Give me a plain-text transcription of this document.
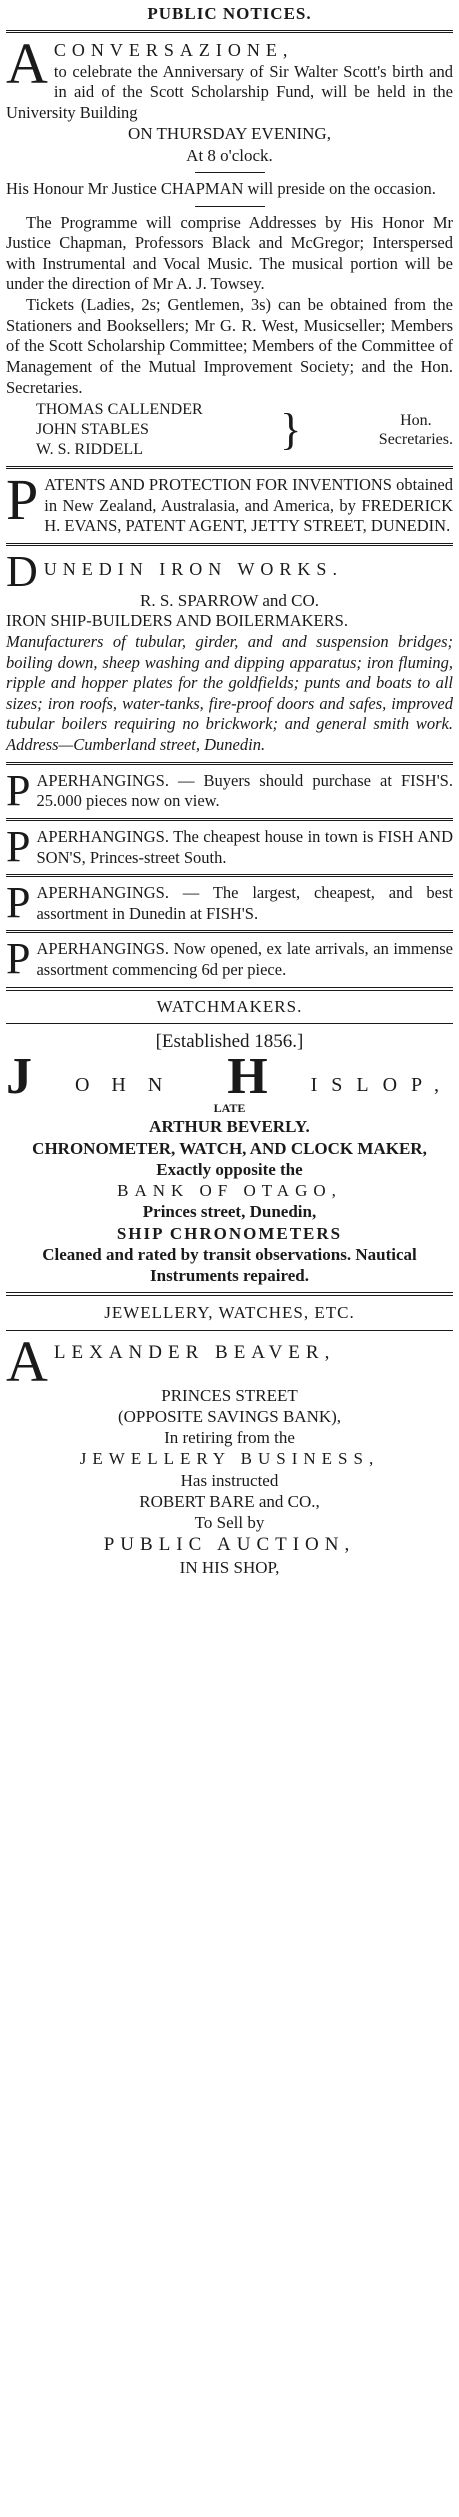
PUBLIC NOTICES.
A CONVERSAZIONE,

to celebrate the Anniversary of Sir Walter Scott's birth and in aid of the Scott Scholarship Fund, will be held in the University Building

ON THURSDAY EVENING,
At 8 o'clock.

His Honour Mr Justice CHAPMAN will preside on the occasion.

The Programme will comprise Addresses by His Honor Mr Justice Chapman, Professors Black and McGregor; Interspersed with Instrumental and Vocal Music. The musical portion will be under the direction of Mr A. J. Towsey.

Tickets (Ladies, 2s; Gentlemen, 3s) can be obtained from the Stationers and Booksellers; Mr G. R. West, Musicseller; Members of the Scott Scholarship Committee; Members of the Committee of Management of the Mutual Improvement Society; and the Hon. Secretaries.

THOMAS CALLENDER
JOHN STABLES
W. S. RIDDELL	}	Hon.
Secretaries.
P ATENTS AND PROTECTION FOR INVENTIONS obtained in New Zealand, Australasia, and America, by FREDERICK H. EVANS, PATENT AGENT, JETTY STREET, DUNEDIN.

D UNEDIN IRON WORKS.
R. S. SPARROW and CO.

IRON SHIP-BUILDERS AND BOILERMAKERS.

Manufacturers of tubular, girder, and and suspension bridges; boiling down, sheep washing and dipping apparatus; iron fluming, ripple and hopper plates for the goldfields; punts and boats to all sizes; iron roofs, water-tanks, fire-proof doors and safes, improved tubular boilers requiring no brickwork; and general smith work. Address—Cumberland street, Dunedin.

P APERHANGINGS. — Buyers should purchase at FISH'S. 25.000 pieces now on view.

P APERHANGINGS. The cheapest house in town is FISH AND SON'S, Princes-street South.

P APERHANGINGS. — The largest, cheapest, and best assortment in Dunedin at FISH'S.

P APERHANGINGS. Now opened, ex late arrivals, an immense assortment commencing 6d per piece.

WATCHMAKERS.
[Established 1856.]
J OHN H ISLOP,
LATE
ARTHUR BEVERLY.
CHRONOMETER, WATCH, AND CLOCK MAKER,
Exactly opposite the
BANK OF OTAGO,
Princes street, Dunedin,
SHIP CHRONOMETERS
Cleaned and rated by transit observations. Nautical Instruments repaired.
JEWELLERY, WATCHES, ETC.
A LEXANDER BEAVER,
PRINCES STREET
(OPPOSITE SAVINGS BANK),
In retiring from the
JEWELLERY BUSINESS,
Has instructed
ROBERT BARE and CO.,
To Sell by
PUBLIC AUCTION,
IN HIS SHOP,
